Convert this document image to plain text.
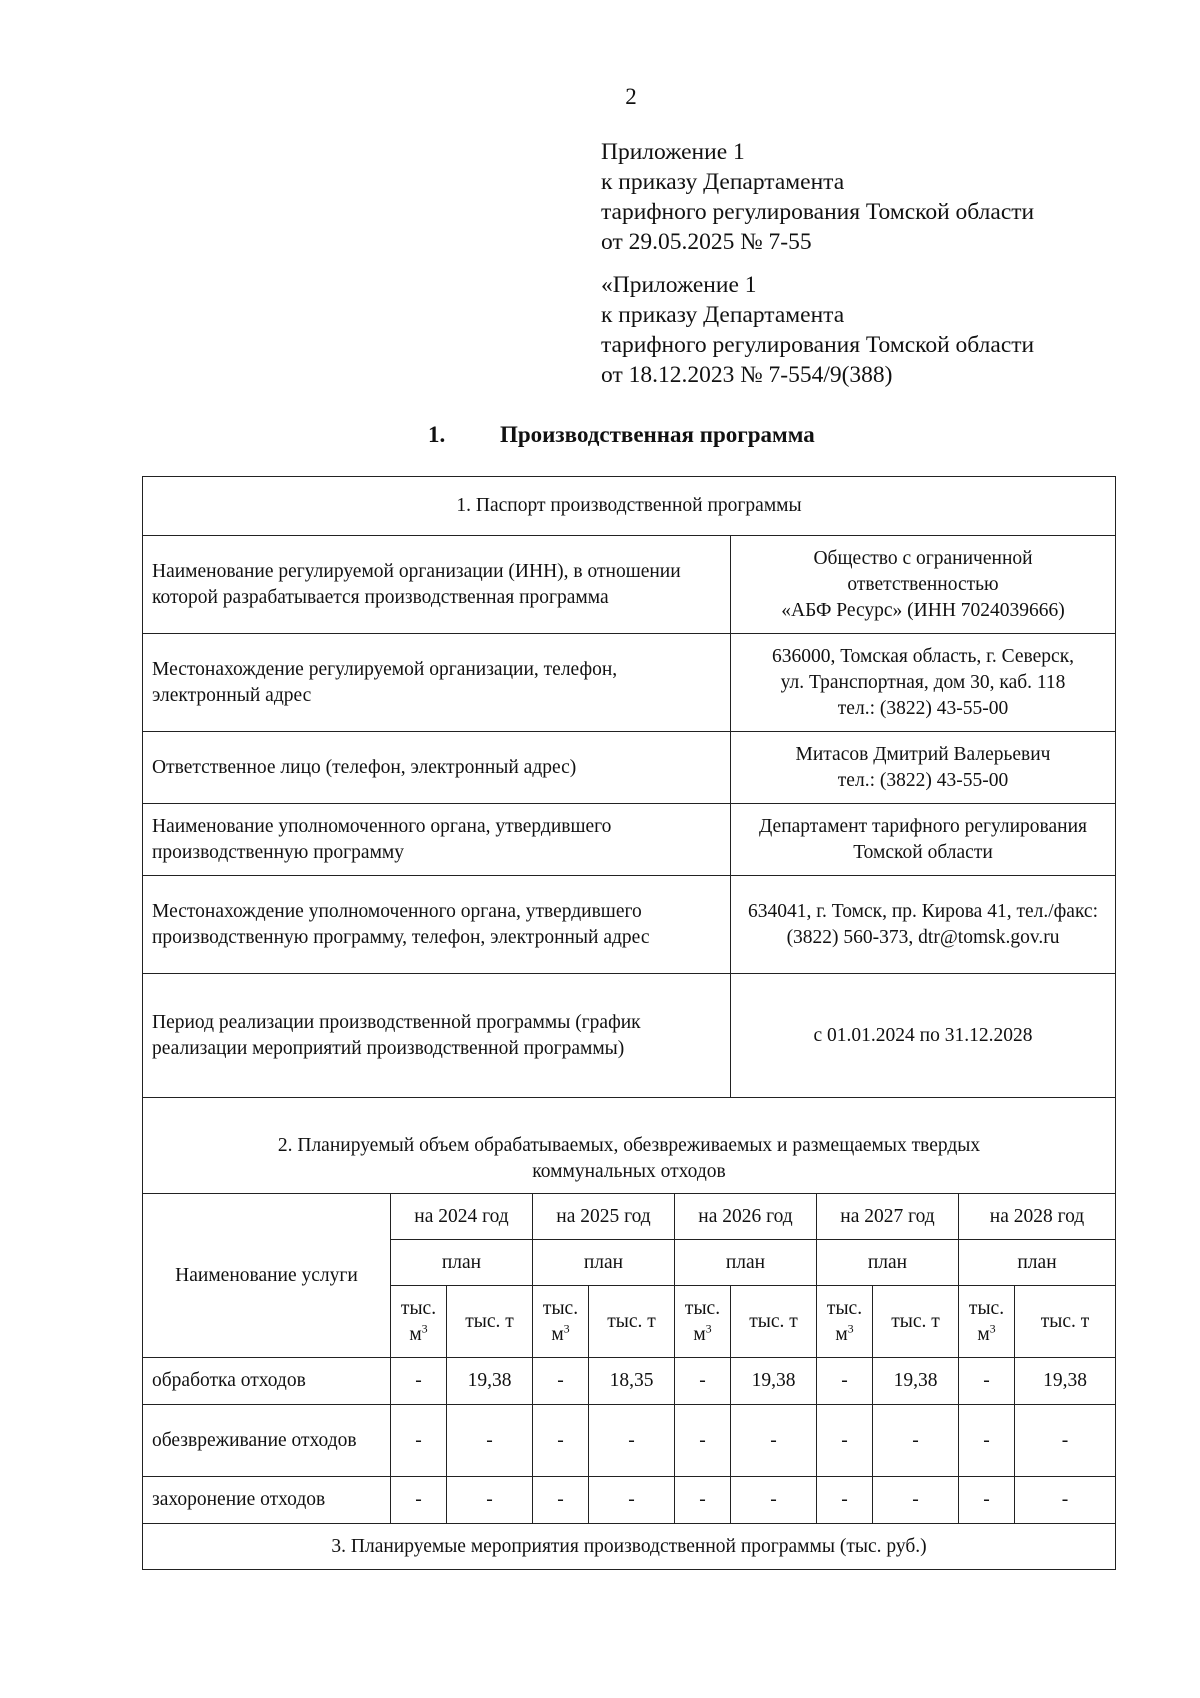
2
Приложение 1
к приказу Департамента
тарифного регулирования Томской области
от 29.05.2025 № 7-55
«Приложение 1
к приказу Департамента
тарифного регулирования Томской области
от 18.12.2023 № 7-554/9(388)
1. Производственная программа
1. Паспорт производственной программы										
Наименование регулируемой организации (ИНН), в отношении которой разрабатывается производственная программа						Общество с ограниченной ответственностью
«АБФ Ресурс» (ИНН 7024039666)				

Местонахождение регулируемой организации, телефон, электронный адрес						636000, Томская область, г. Северск,
ул. Транспортная, дом 30, каб. 118
тел.: (3822) 43-55-00				

Ответственное лицо (телефон, электронный адрес)						Митасов Дмитрий Валерьевич
тел.: (3822) 43-55-00				

Наименование уполномоченного органа, утвердившего производственную программу						Департамент тарифного регулирования
Томской области				

Местонахождение уполномоченного органа, утвердившего производственную программу, телефон, электронный адрес						634041, г. Томск, пр. Кирова 41, тел./факс:
(3822) 560-373, dtr@tomsk.gov.ru				

Период реализации производственной программы (график реализации мероприятий производственной программы)						с 01.01.2024 по 31.12.2028				

2. Планируемый объем обрабатываемых, обезвреживаемых и размещаемых твердых
коммунальных отходов										

Наименование услуги	на 2024 год		на 2025 год		на 2026 год		на 2027 год		на 2028 год	
	план		план		план		план		план	
	тыс. $м^3$	тыс. т	тыс. $м^3$	тыс. т	тыс. $м^3$	тыс. т	тыс. $м^3$	тыс. т	тыс. $м^3$	тыс. т
обработка отходов	-	19,38	-	18,35	-	19,38	-	19,38	-	19,38
обезвреживание отходов	-	-	-	-	-	-	-	-	-	-
захоронение отходов	-	-	-	-	-	-	-	-	-	-
3. Планируемые мероприятия производственной программы (тыс. руб.)										
